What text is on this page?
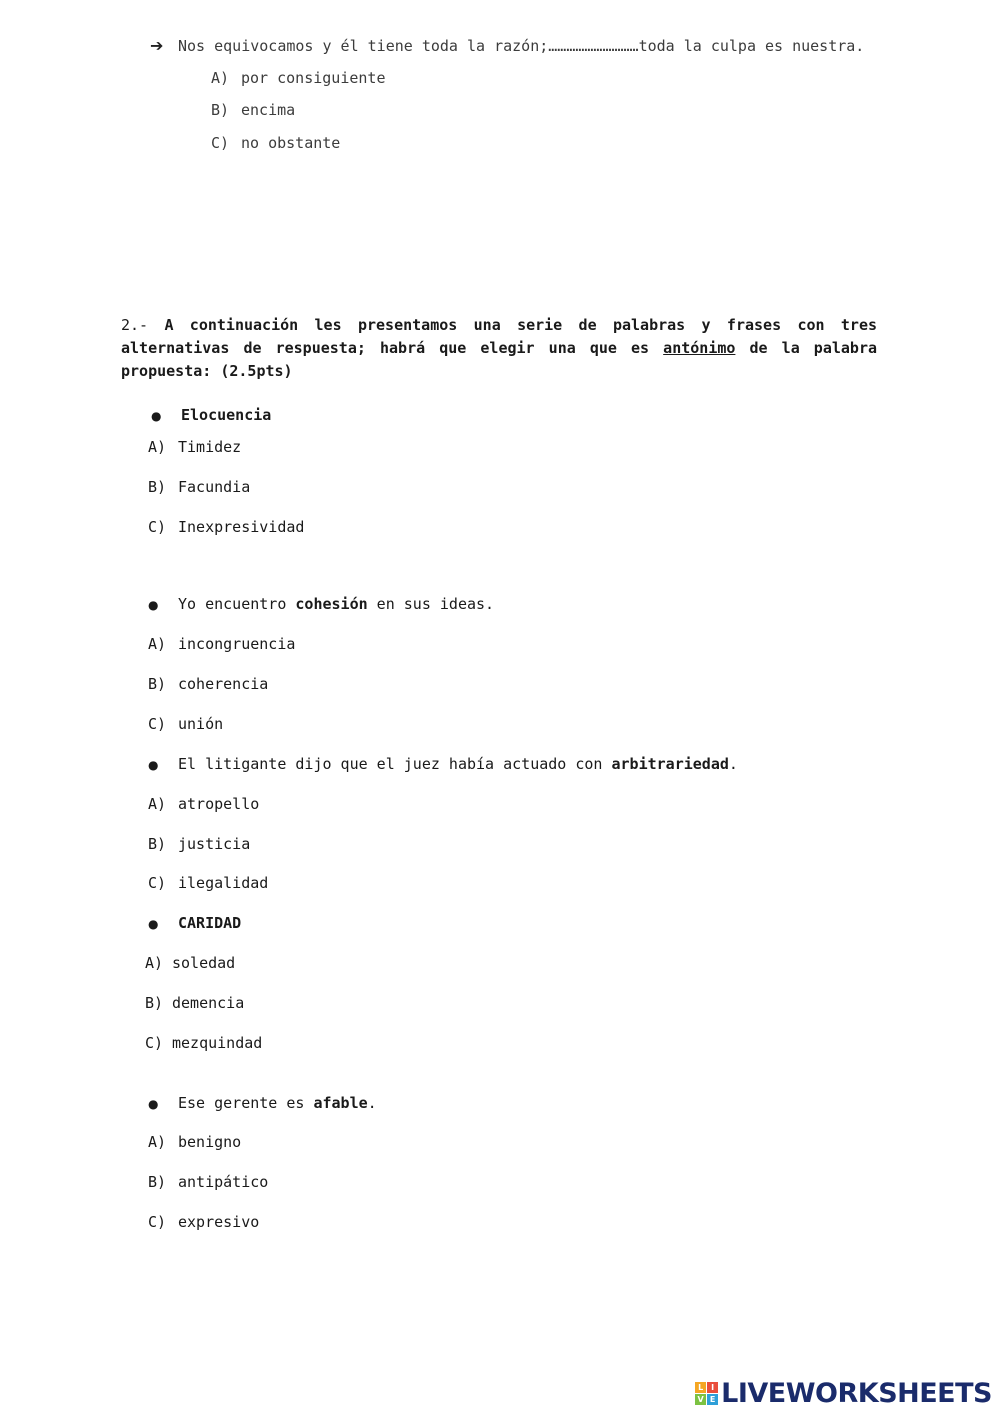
➔ Nos equivocamos y él tiene toda la razón;…………………………toda la culpa es nuestra.
A) por consiguiente
B) encima
C) no obstante
2.- A continuación les presentamos una serie de palabras y frases con tres alternativas de respuesta; habrá que elegir una que es antónimo de la palabra propuesta: (2.5pts)
● Elocuencia
A) Timidez
B) Facundia
C) Inexpresividad
● Yo encuentro cohesión en sus ideas.
A) incongruencia
B) coherencia
C) unión
● El litigante dijo que el juez había actuado con arbitrariedad.
A) atropello
B) justicia
C) ilegalidad
● CARIDAD
A) soledad
B) demencia
C) mezquindad
● Ese gerente es afable.
A) benigno
B) antipático
C) expresivo
L I
V E LIVEWORKSHEETS
